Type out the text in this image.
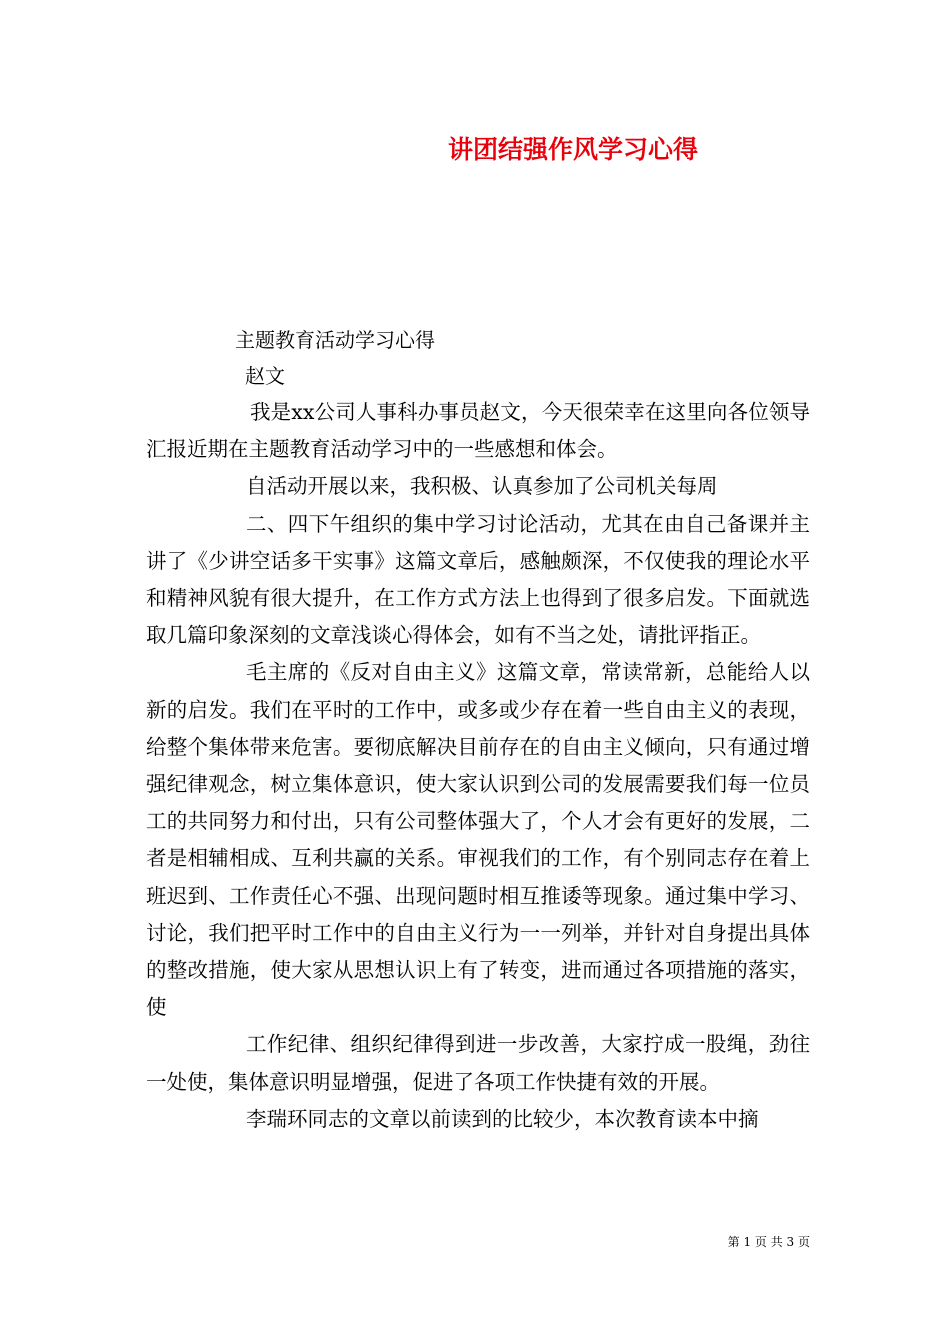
讲团结强作风学习心得
主题教育活动学习心得
赵文

我是xx公司人事科办事员赵文，今天很荣幸在这里向各位领导汇报近期在主题教育活动学习中的一些感想和体会。

自活动开展以来，我积极、认真参加了公司机关每周

二、四下午组织的集中学习讨论活动，尤其在由自己备课并主讲了《少讲空话多干实事》这篇文章后，感触颇深，不仅使我的理论水平和精神风貌有很大提升，在工作方式方法上也得到了很多启发。下面就选取几篇印象深刻的文章浅谈心得体会，如有不当之处，请批评指正。

毛主席的《反对自由主义》这篇文章，常读常新，总能给人以新的启发。我们在平时的工作中，或多或少存在着一些自由主义的表现，给整个集体带来危害。要彻底解决目前存在的自由主义倾向，只有通过增强纪律观念，树立集体意识，使大家认识到公司的发展需要我们每一位员工的共同努力和付出，只有公司整体强大了，个人才会有更好的发展，二者是相辅相成、互利共赢的关系。审视我们的工作，有个别同志存在着上班迟到、工作责任心不强、出现问题时相互推诿等现象。通过集中学习、讨论，我们把平时工作中的自由主义行为一一列举，并针对自身提出具体的整改措施，使大家从思想认识上有了转变，进而通过各项措施的落实，使

工作纪律、组织纪律得到进一步改善，大家拧成一股绳，劲往一处使，集体意识明显增强，促进了各项工作快捷有效的开展。

李瑞环同志的文章以前读到的比较少，本次教育读本中摘

第 1 页 共 3 页
